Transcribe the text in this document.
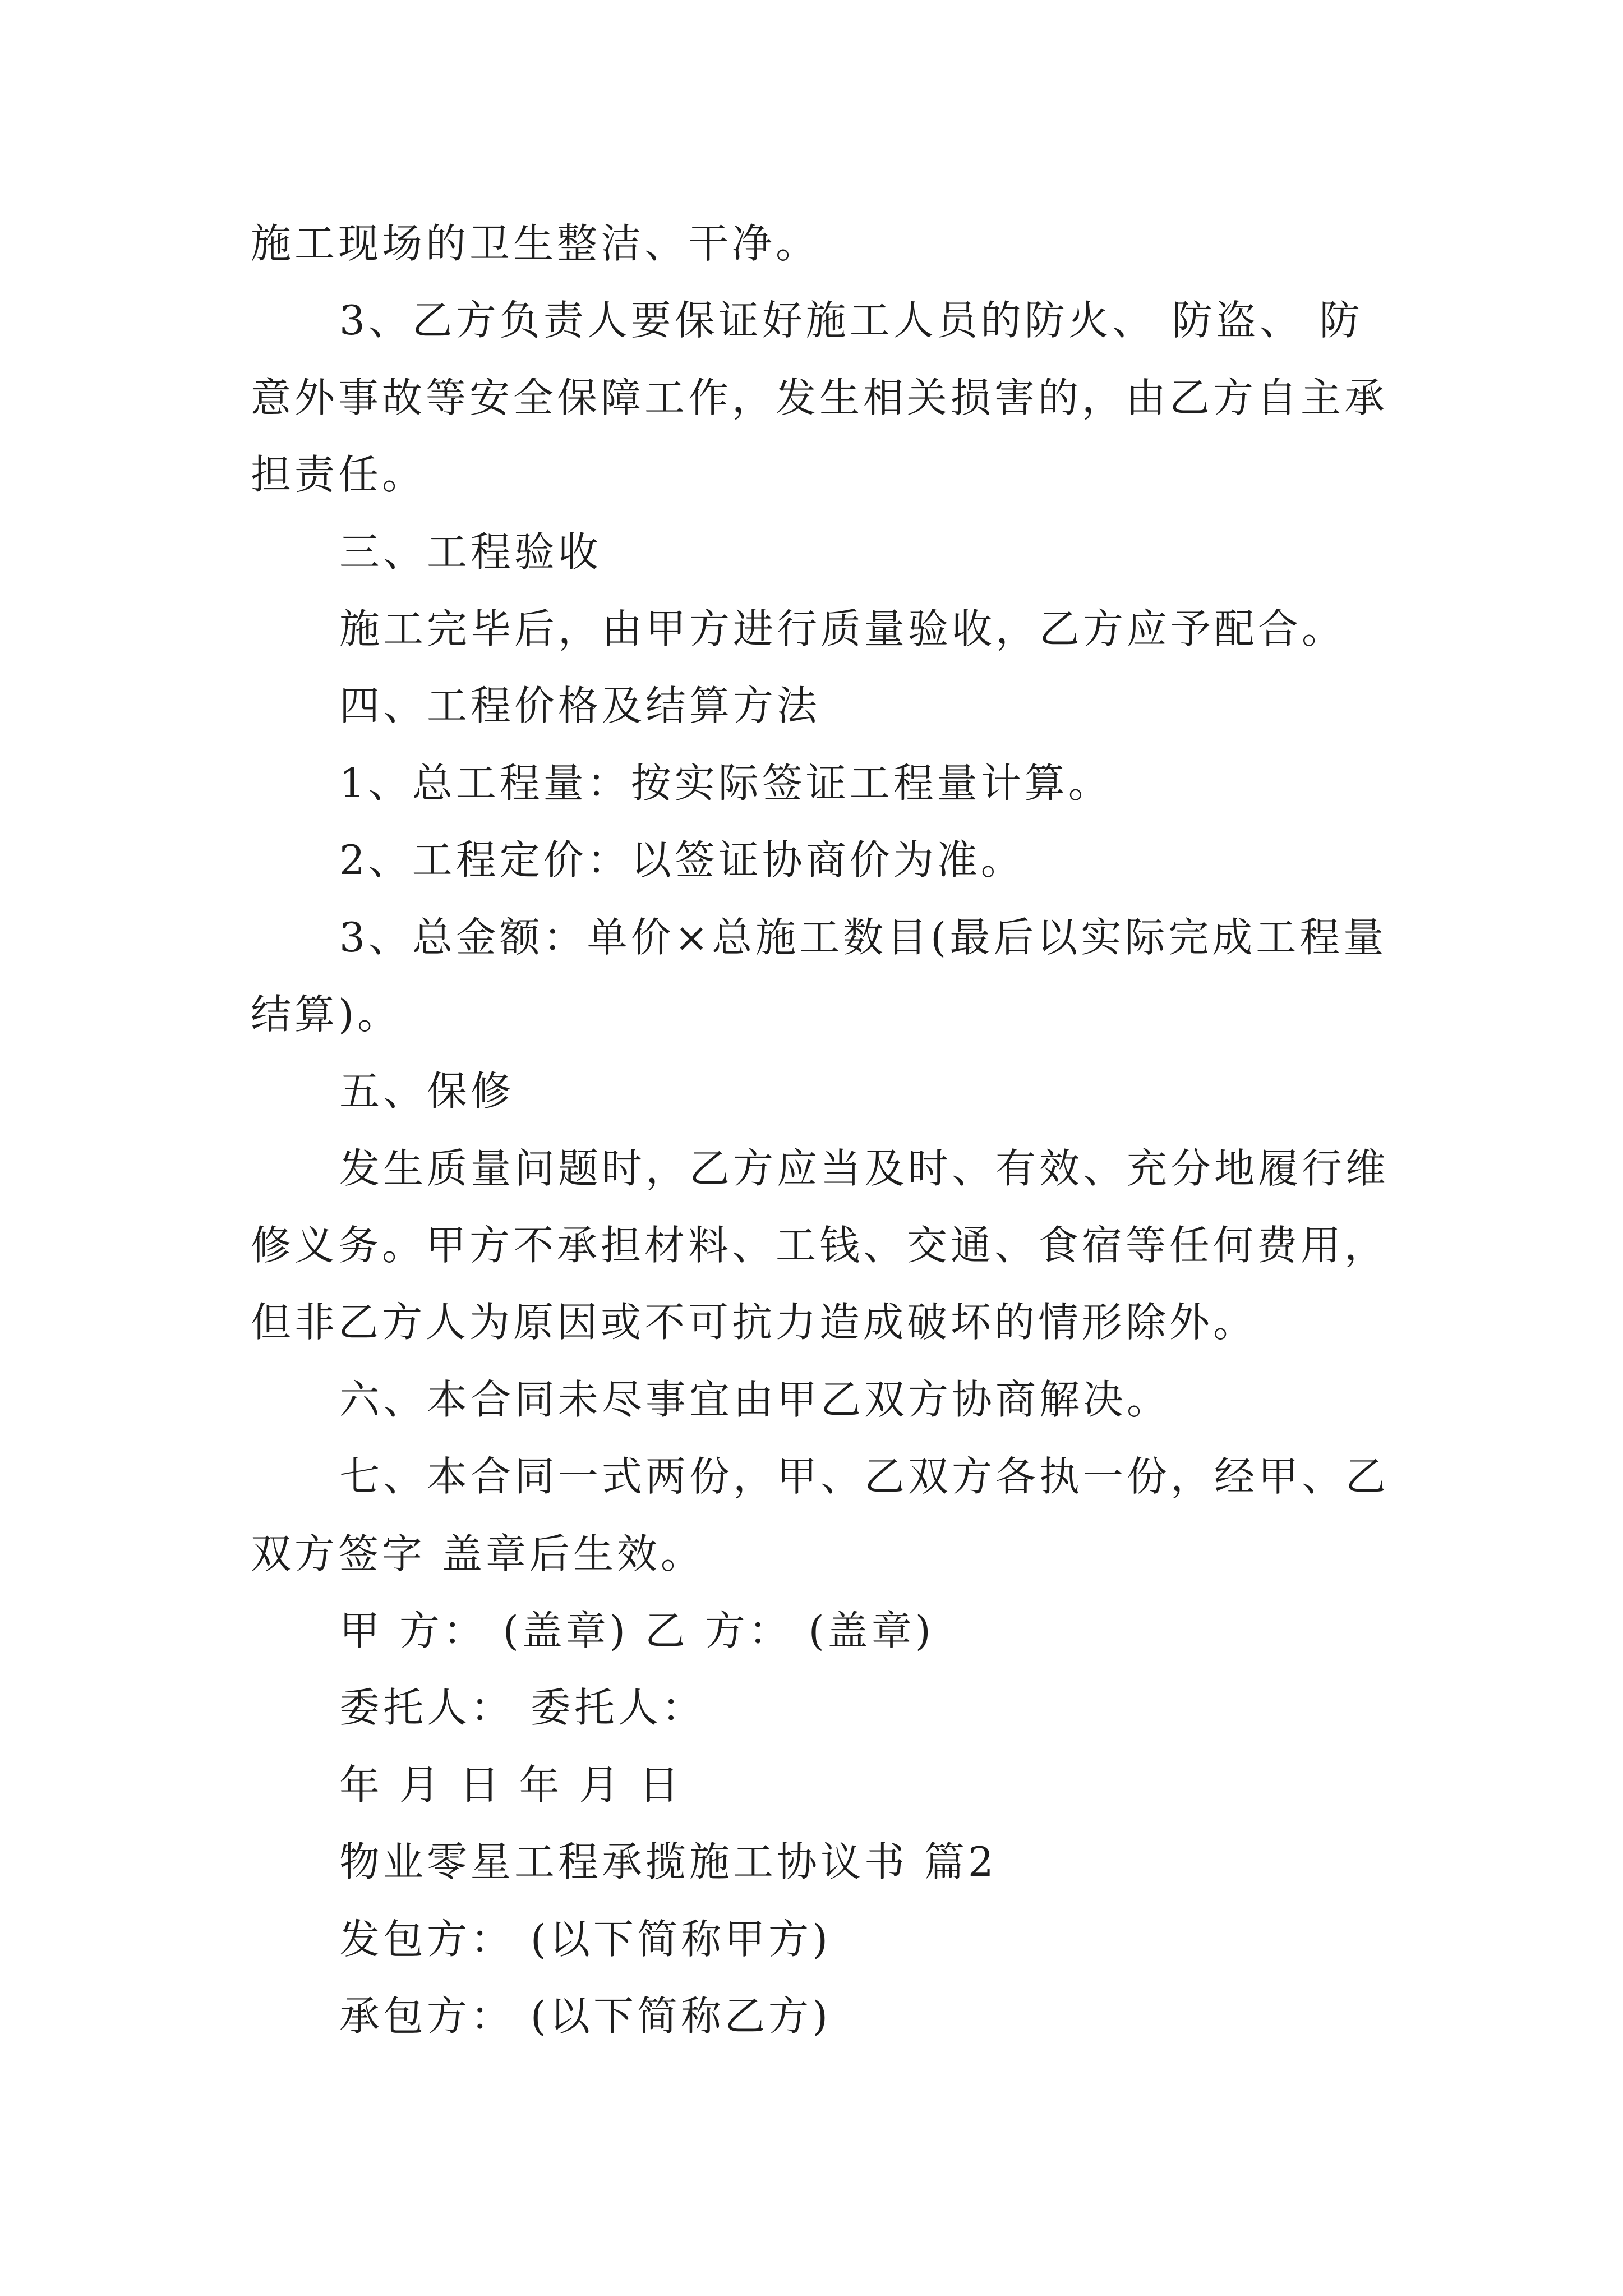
施工现场的卫生整洁、干净。
3、乙方负责人要保证好施工人员的防火、 防盗、 防
意外事故等安全保障工作，发生相关损害的，由乙方自主承
担责任。
三、工程验收
施工完毕后，由甲方进行质量验收，乙方应予配合。
四、工程价格及结算方法
1、总工程量：按实际签证工程量计算。
2、工程定价：以签证协商价为准。
3、总金额：单价×总施工数目(最后以实际完成工程量
结算)。
五、保修
发生质量问题时，乙方应当及时、有效、充分地履行维
修义务。甲方不承担材料、工钱、交通、食宿等任何费用，
但非乙方人为原因或不可抗力造成破坏的情形除外。
六、本合同未尽事宜由甲乙双方协商解决。
七、本合同一式两份，甲、乙双方各执一份，经甲、乙
双方签字 盖章后生效。
甲 方： (盖章) 乙 方： (盖章)
委托人： 委托人：
年 月 日 年 月 日
物业零星工程承揽施工协议书 篇2
发包方： (以下简称甲方)
承包方： (以下简称乙方)
